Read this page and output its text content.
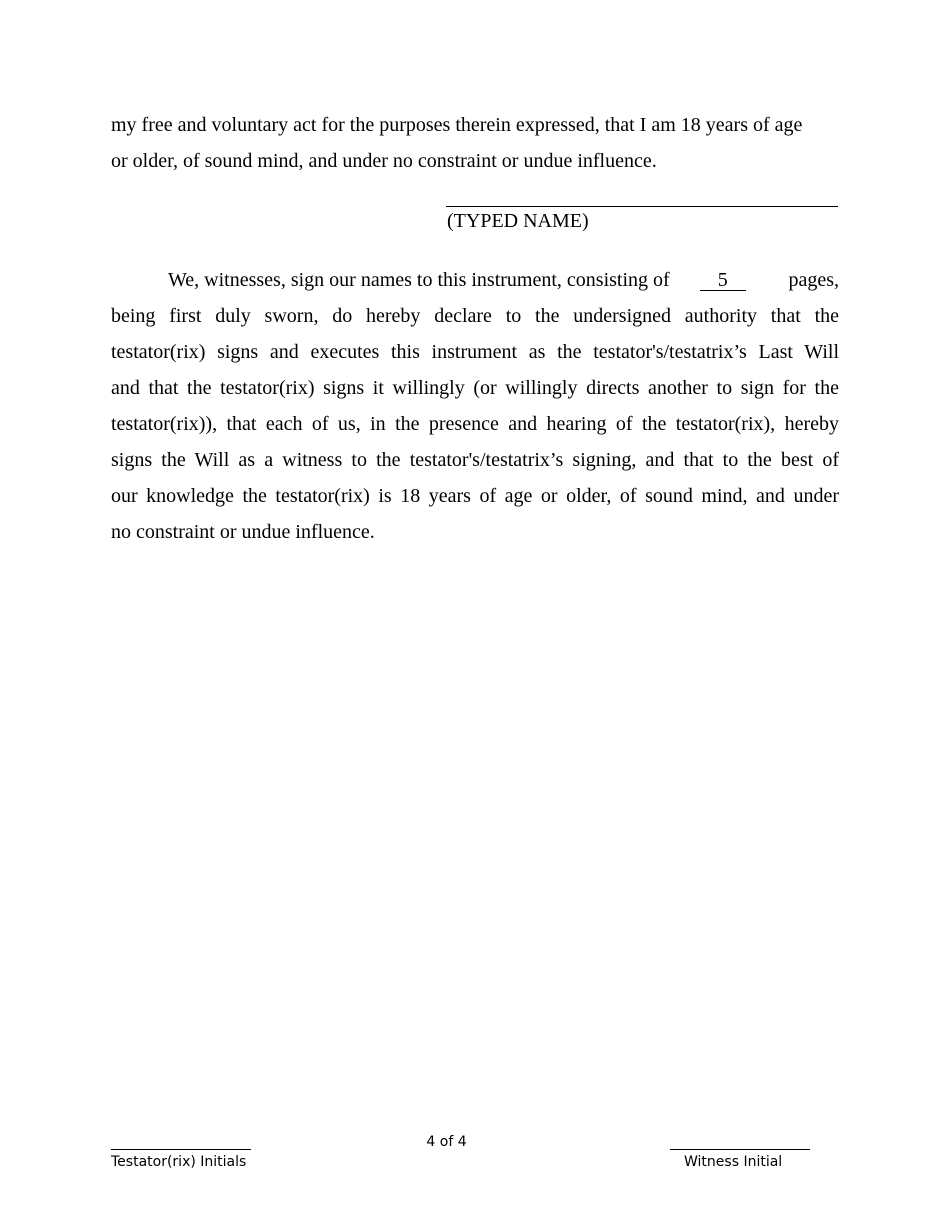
my free and voluntary act for the purposes therein expressed, that I am 18 years of age
or older, of sound mind, and under no constraint or undue influence.
(TYPED NAME)
We, witnesses, sign our names to this instrument, consisting of 5	pages,
being first duly sworn, do hereby declare to the undersigned authority that the
testator(rix) signs and executes this instrument as the testator's/testatrix’s Last Will
and that the testator(rix) signs it willingly (or willingly directs another to sign for the
testator(rix)), that each of us, in the presence and hearing of the testator(rix), hereby
signs the Will as a witness to the testator's/testatrix’s signing, and that to the best of
our knowledge the testator(rix) is 18 years of age or older, of sound mind, and under
no constraint or undue influence.
4 of 4
Testator(rix) Initials	Witness Initial
